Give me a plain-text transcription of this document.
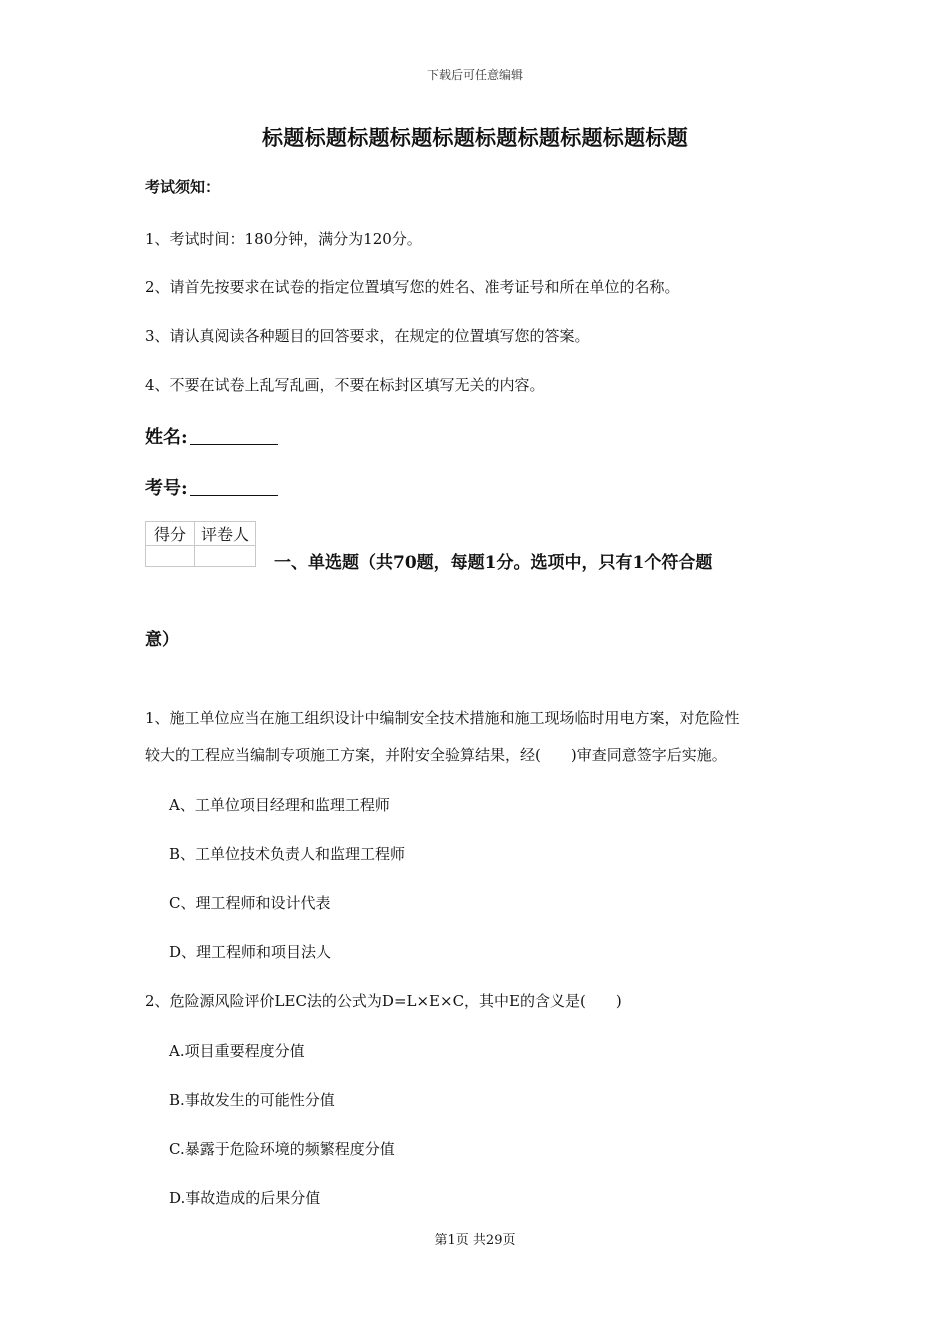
下载后可任意编辑
标题标题标题标题标题标题标题标题标题标题
考试须知：
1、考试时间：180分钟，满分为120分。
2、请首先按要求在试卷的指定位置填写您的姓名、准考证号和所在单位的名称。
3、请认真阅读各种题目的回答要求，在规定的位置填写您的答案。
4、不要在试卷上乱写乱画，不要在标封区填写无关的内容。
姓名:
考号:
得分	评卷人

一、单选题（共70题，每题1分。选项中，只有1个符合题
意）
1、施工单位应当在施工组织设计中编制安全技术措施和施工现场临时用电方案，对危险性
较大的工程应当编制专项施工方案，并附安全验算结果，经(　　)审查同意签字后实施。
A、工单位项目经理和监理工程师
B、工单位技术负责人和监理工程师
C、理工程师和设计代表
D、理工程师和项目法人
2、危险源风险评价LEC法的公式为D=L×E×C，其中E的含义是(　　)
A.项目重要程度分值
B.事故发生的可能性分值
C.暴露于危险环境的频繁程度分值
D.事故造成的后果分值
第1页 共29页
